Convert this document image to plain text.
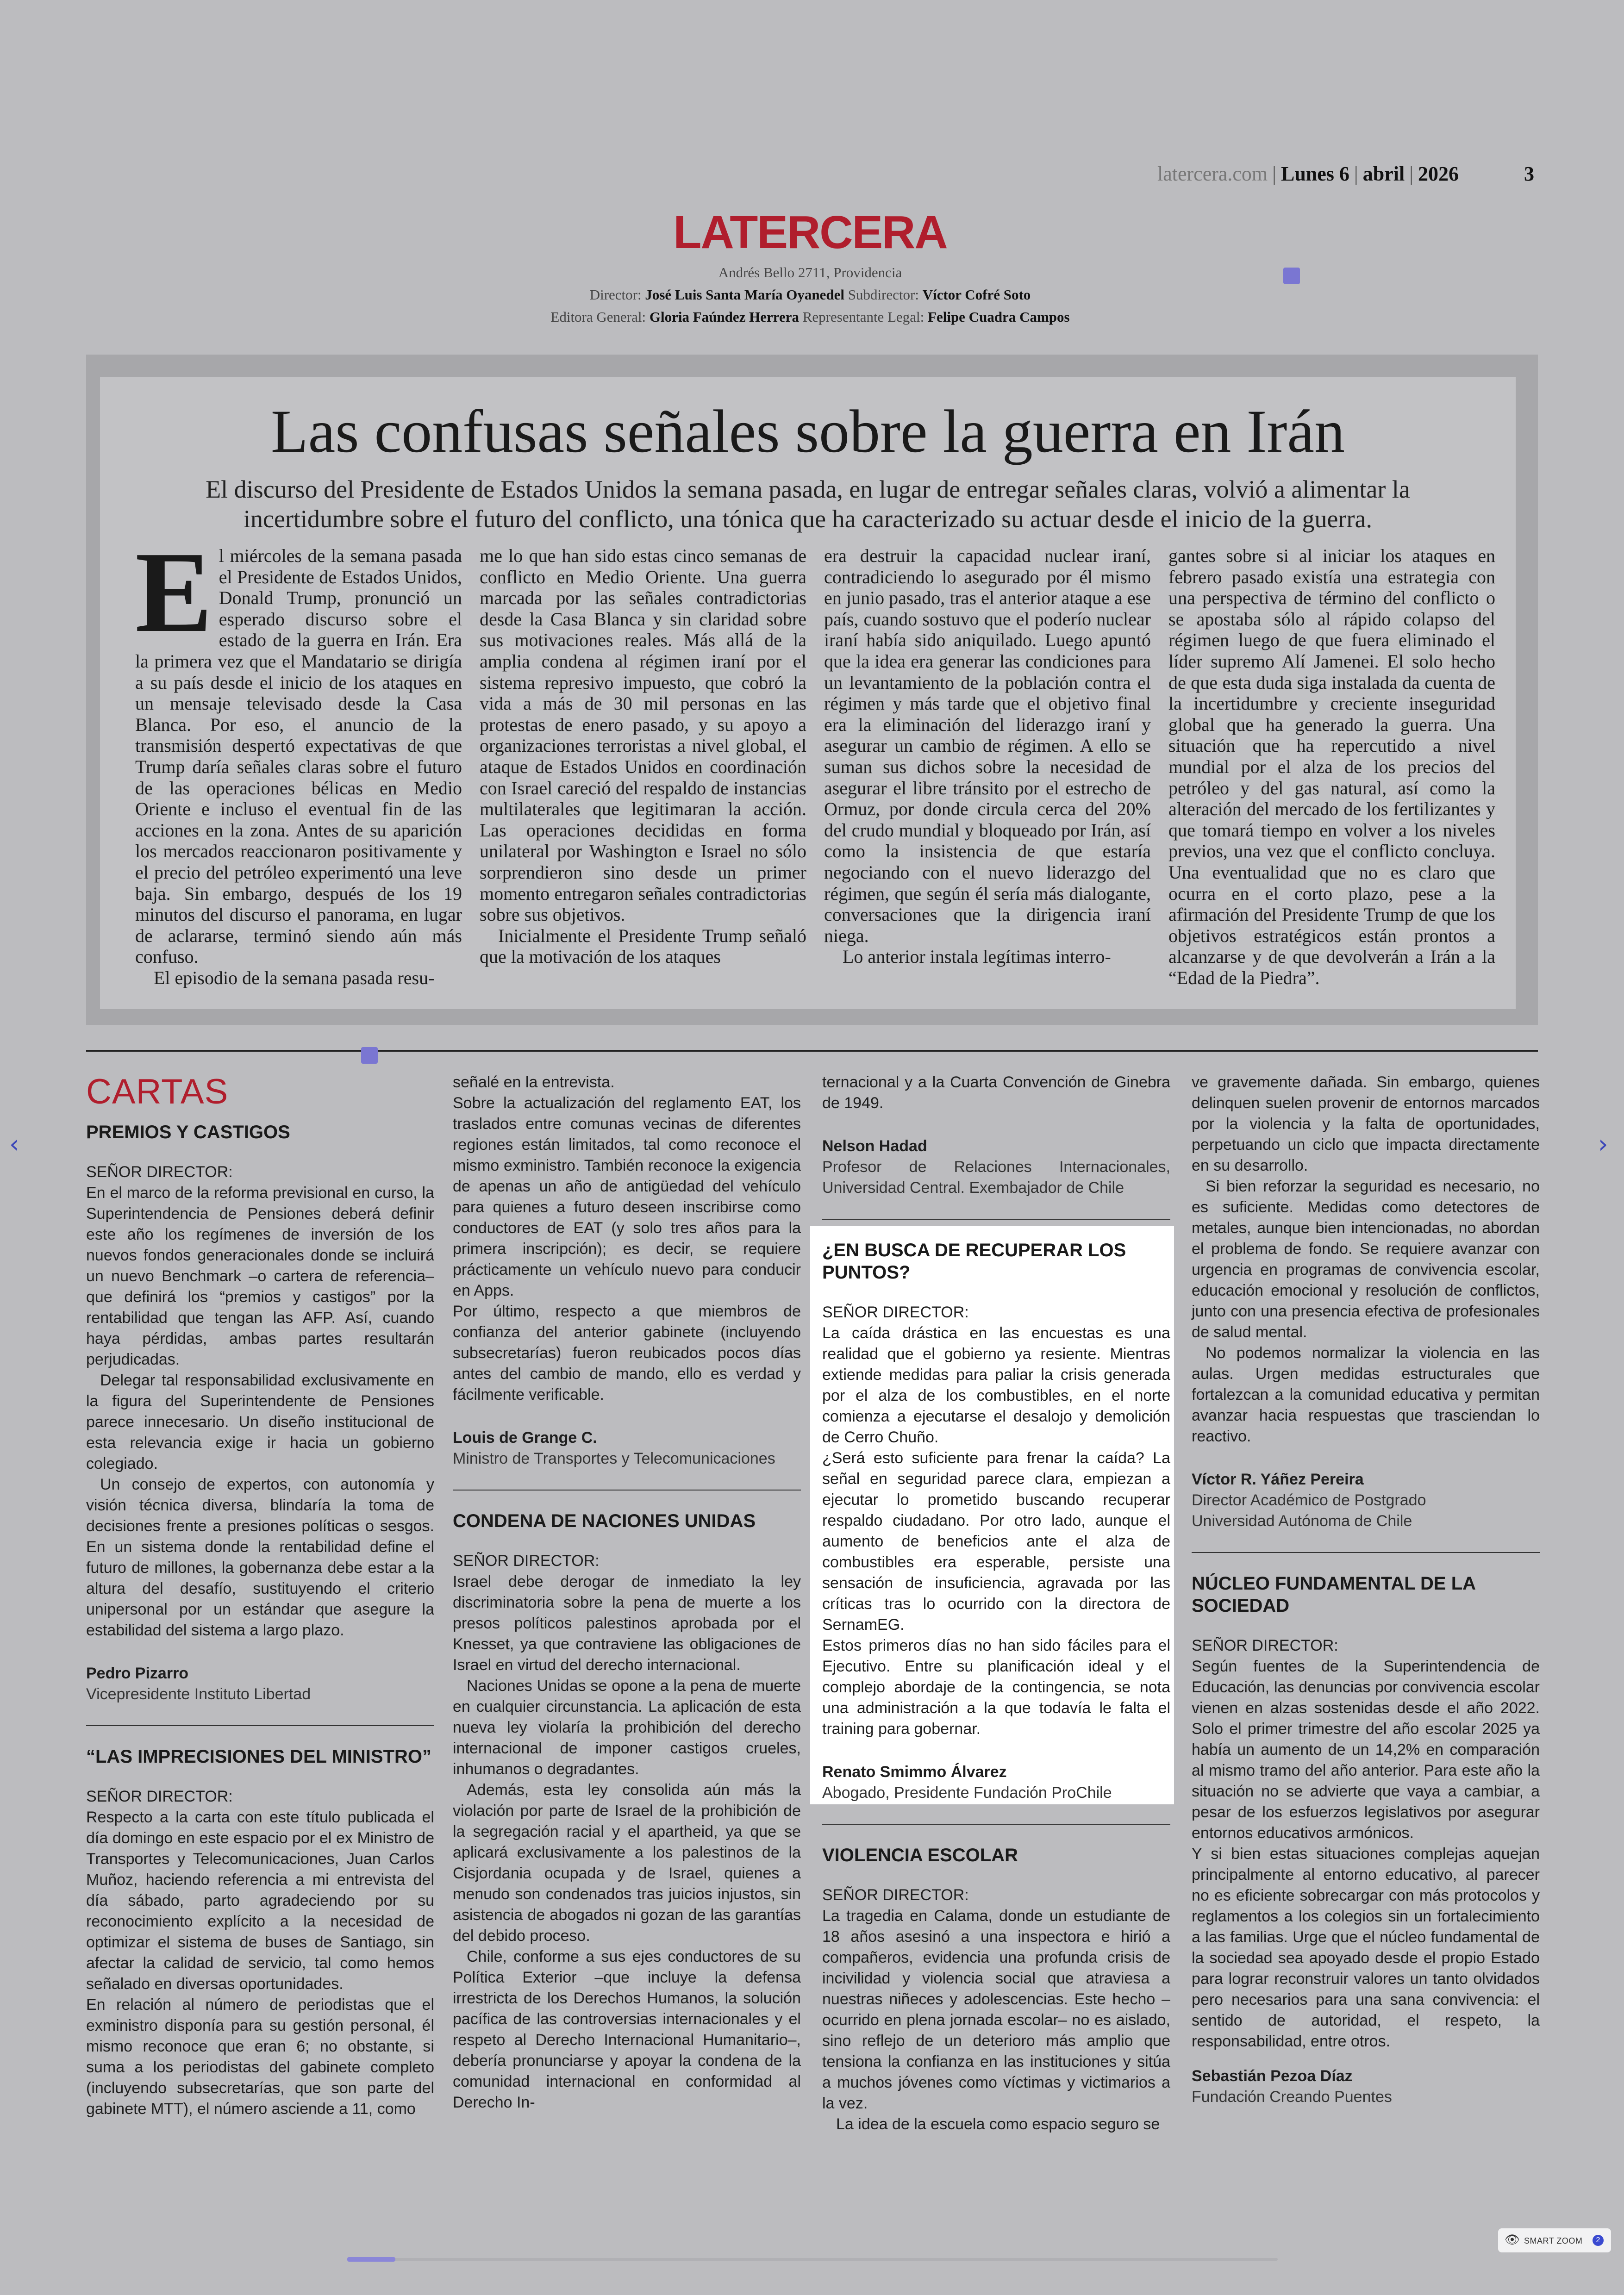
latercera.com | Lunes 6 | abril | 2026	3
LATERCERA
Andrés Bello 2711, Providencia
Director: José Luis Santa María Oyanedel Subdirector: Víctor Cofré Soto
Editora General: Gloria Faúndez Herrera Representante Legal: Felipe Cuadra Campos
Las confusas señales sobre la guerra en Irán
El discurso del Presidente de Estados Unidos la semana pasada, en lugar de entregar señales claras, volvió a alimentar la incertidumbre sobre el futuro del conflicto, una tónica que ha caracterizado su actuar desde el inicio de la guerra.

El miércoles de la semana pasada el Presidente de Estados Unidos, Donald Trump, pronunció un esperado discurso sobre el estado de la guerra en Irán. Era la primera vez que el Mandatario se dirigía a su país desde el inicio de los ataques en un mensaje televisado desde la Casa Blanca. Por eso, el anuncio de la transmisión despertó expectativas de que Trump daría señales claras sobre el futuro de las operaciones bélicas en Medio Oriente e incluso el eventual fin de las acciones en la zona. Antes de su aparición los mercados reaccionaron positivamente y el precio del petróleo experimentó una leve baja. Sin embargo, después de los 19 minutos del discurso el panorama, en lugar de aclararse, terminó siendo aún más confuso.

El episodio de la semana pasada resu-

me lo que han sido estas cinco semanas de conflicto en Medio Oriente. Una guerra marcada por las señales contradictorias desde la Casa Blanca y sin claridad sobre sus motivaciones reales. Más allá de la amplia condena al régimen iraní por el sistema represivo impuesto, que cobró la vida a más de 30 mil personas en las protestas de enero pasado, y su apoyo a organizaciones terroristas a nivel global, el ataque de Estados Unidos en coordinación con Israel careció del respaldo de instancias multilaterales que legitimaran la acción. Las operaciones decididas en forma unilateral por Washington e Israel no sólo sorprendieron sino desde un primer momento entregaron señales contradictorias sobre sus objetivos.

Inicialmente el Presidente Trump señaló que la motivación de los ataques

era destruir la capacidad nuclear iraní, contradiciendo lo asegurado por él mismo en junio pasado, tras el anterior ataque a ese país, cuando sostuvo que el poderío nuclear iraní había sido aniquilado. Luego apuntó que la idea era generar las condiciones para un levantamiento de la población contra el régimen y más tarde que el objetivo final era la eliminación del liderazgo iraní y asegurar un cambio de régimen. A ello se suman sus dichos sobre la necesidad de asegurar el libre tránsito por el estrecho de Ormuz, por donde circula cerca del 20% del crudo mundial y bloqueado por Irán, así como la insistencia de que estaría negociando con el nuevo liderazgo del régimen, que según él sería más dialogante, conversaciones que la dirigencia iraní niega.

Lo anterior instala legítimas interro-

gantes sobre si al iniciar los ataques en febrero pasado existía una estrategia con una perspectiva de término del conflicto o se apostaba sólo al rápido colapso del régimen luego de que fuera eliminado el líder supremo Alí Jamenei. El solo hecho de que esta duda siga instalada da cuenta de la incertidumbre y creciente inseguridad global que ha generado la guerra. Una situación que ha repercutido a nivel mundial por el alza de los precios del petróleo y del gas natural, así como la alteración del mercado de los fertilizantes y que tomará tiempo en volver a los niveles previos, una vez que el conflicto concluya. Una eventualidad que no es claro que ocurra en el corto plazo, pese a la afirmación del Presidente Trump de que los objetivos estratégicos están prontos a alcanzarse y de que devolverán a Irán a la “Edad de la Piedra”.

CARTAS

PREMIOS Y CASTIGOS

SEÑOR DIRECTOR:

En el marco de la reforma previsional en curso, la Superintendencia de Pensiones deberá definir este año los regímenes de inversión de los nuevos fondos generacionales donde se incluirá un nuevo Benchmark –o cartera de referencia– que definirá los “premios y castigos” por la rentabilidad que tengan las AFP. Así, cuando haya pérdidas, ambas partes resultarán perjudicadas.

Delegar tal responsabilidad exclusivamente en la figura del Superintendente de Pensiones parece innecesario. Un diseño institucional de esta relevancia exige ir hacia un gobierno colegiado.

Un consejo de expertos, con autonomía y visión técnica diversa, blindaría la toma de decisiones frente a presiones políticas o sesgos. En un sistema donde la rentabilidad define el futuro de millones, la gobernanza debe estar a la altura del desafío, sustituyendo el criterio unipersonal por un estándar que asegure la estabilidad del sistema a largo plazo.

Pedro Pizarro

Vicepresidente Instituto Libertad

“LAS IMPRECISIONES DEL MINISTRO”

SEÑOR DIRECTOR:

Respecto a la carta con este título publicada el día domingo en este espacio por el ex Ministro de Transportes y Telecomunicaciones, Juan Carlos Muñoz, haciendo referencia a mi entrevista del día sábado, parto agradeciendo por su reconocimiento explícito a la necesidad de optimizar el sistema de buses de Santiago, sin afectar la calidad de servicio, tal como hemos señalado en diversas oportunidades.

En relación al número de periodistas que el exministro disponía para su gestión personal, él mismo reconoce que eran 6; no obstante, si suma a los periodistas del gabinete completo (incluyendo subsecretarías, que son parte del gabinete MTT), el número asciende a 11, como

señalé en la entrevista.

Sobre la actualización del reglamento EAT, los traslados entre comunas vecinas de diferentes regiones están limitados, tal como reconoce el mismo exministro. También reconoce la exigencia de apenas un año de antigüedad del vehículo para quienes a futuro deseen inscribirse como conductores de EAT (y solo tres años para la primera inscripción); es decir, se requiere prácticamente un vehículo nuevo para conducir en Apps.

Por último, respecto a que miembros de confianza del anterior gabinete (incluyendo subsecretarías) fueron reubicados pocos días antes del cambio de mando, ello es verdad y fácilmente verificable.

Louis de Grange C.

Ministro de Transportes y Telecomunicaciones

CONDENA DE NACIONES UNIDAS

SEÑOR DIRECTOR:

Israel debe derogar de inmediato la ley discriminatoria sobre la pena de muerte a los presos políticos palestinos aprobada por el Knesset, ya que contraviene las obligaciones de Israel en virtud del derecho internacional.

Naciones Unidas se opone a la pena de muerte en cualquier circunstancia. La aplicación de esta nueva ley violaría la prohibición del derecho internacional de imponer castigos crueles, inhumanos o degradantes.

Además, esta ley consolida aún más la violación por parte de Israel de la prohibición de la segregación racial y el apartheid, ya que se aplicará exclusivamente a los palestinos de la Cisjordania ocupada y de Israel, quienes a menudo son condenados tras juicios injustos, sin asistencia de abogados ni gozan de las garantías del debido proceso.

Chile, conforme a sus ejes conductores de su Política Exterior –que incluye la defensa irrestricta de los Derechos Humanos, la solución pacífica de las controversias internacionales y el respeto al Derecho Internacional Humanitario–, debería pronunciarse y apoyar la condena de la comunidad internacional en conformidad al Derecho In-

ternacional y a la Cuarta Convención de Ginebra de 1949.

Nelson Hadad

Profesor de Relaciones Internacionales, Universidad Central. Exembajador de Chile

¿EN BUSCA DE RECUPERAR LOS PUNTOS?

SEÑOR DIRECTOR:

La caída drástica en las encuestas es una realidad que el gobierno ya resiente. Mientras extiende medidas para paliar la crisis generada por el alza de los combustibles, en el norte comienza a ejecutarse el desalojo y demolición de Cerro Chuño.

¿Será esto suficiente para frenar la caída? La señal en seguridad parece clara, empiezan a ejecutar lo prometido buscando recuperar respaldo ciudadano. Por otro lado, aunque el aumento de beneficios ante el alza de combustibles era esperable, persiste una sensación de insuficiencia, agravada por las críticas tras lo ocurrido con la directora de SernamEG.

Estos primeros días no han sido fáciles para el Ejecutivo. Entre su planificación ideal y el complejo abordaje de la contingencia, se nota una administración a la que todavía le falta el training para gobernar.

Renato Smimmo Álvarez

Abogado, Presidente Fundación ProChile

VIOLENCIA ESCOLAR

SEÑOR DIRECTOR:

La tragedia en Calama, donde un estudiante de 18 años asesinó a una inspectora e hirió a compañeros, evidencia una profunda crisis de incivilidad y violencia social que atraviesa a nuestras niñeces y adolescencias. Este hecho –ocurrido en plena jornada escolar– no es aislado, sino reflejo de un deterioro más amplio que tensiona la confianza en las instituciones y sitúa a muchos jóvenes como víctimas y victimarios a la vez.

La idea de la escuela como espacio seguro se

ve gravemente dañada. Sin embargo, quienes delinquen suelen provenir de entornos marcados por la violencia y la falta de oportunidades, perpetuando un ciclo que impacta directamente en su desarrollo.

Si bien reforzar la seguridad es necesario, no es suficiente. Medidas como detectores de metales, aunque bien intencionadas, no abordan el problema de fondo. Se requiere avanzar con urgencia en programas de convivencia escolar, educación emocional y resolución de conflictos, junto con una presencia efectiva de profesionales de salud mental.

No podemos normalizar la violencia en las aulas. Urgen medidas estructurales que fortalezcan a la comunidad educativa y permitan avanzar hacia respuestas que trasciendan lo reactivo.

Víctor R. Yáñez Pereira

Director Académico de Postgrado

Universidad Autónoma de Chile

NÚCLEO FUNDAMENTAL DE LA SOCIEDAD

SEÑOR DIRECTOR:

Según fuentes de la Superintendencia de Educación, las denuncias por convivencia escolar vienen en alzas sostenidas desde el año 2022. Solo el primer trimestre del año escolar 2025 ya había un aumento de un 14,2% en comparación al mismo tramo del año anterior. Para este año la situación no se advierte que vaya a cambiar, a pesar de los esfuerzos legislativos por asegurar entornos educativos armónicos.

Y si bien estas situaciones complejas aquejan principalmente al entorno educativo, al parecer no es eficiente sobrecargar con más protocolos y reglamentos a los colegios sin un fortalecimiento a las familias. Urge que el núcleo fundamental de la sociedad sea apoyado desde el propio Estado para lograr reconstruir valores un tanto olvidados pero necesarios para una sana convivencia: el sentido de autoridad, el respeto, la responsabilidad, entre otros.

Sebastián Pezoa Díaz

Fundación Creando Puentes

‹	›
👁 SMART ZOOM	2
